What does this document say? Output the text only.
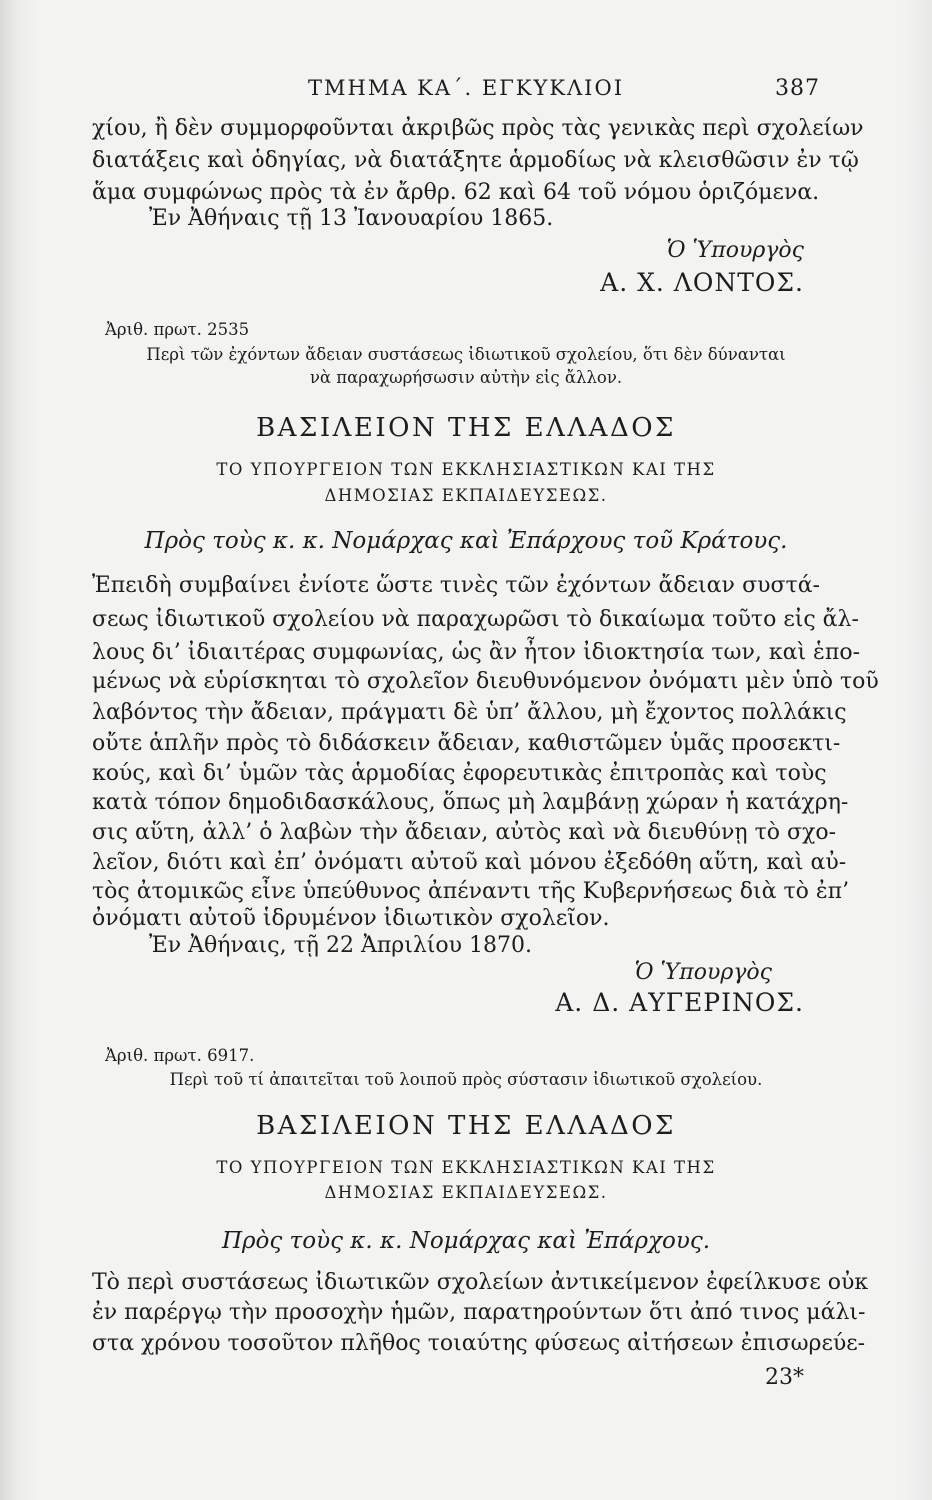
ΤΜΗΜΑ ΚΑ΄. ΕΓΚΥΚΛΙΟΙ	387
χίου, ἢ δὲν συμμορφοῦνται ἀκριβῶς πρὸς τὰς γενικὰς περὶ σχολείων
διατάξεις καὶ ὁδηγίας, νὰ διατάξητε ἁρμοδίως νὰ κλεισθῶσιν ἐν τῷ
ἅμα συμφώνως πρὸς τὰ ἐν ἄρθρ. 62 καὶ 64 τοῦ νόμου ὁριζόμενα.
Ἐν Ἀθήναις τῇ 13 Ἰανουαρίου 1865.
Ὁ Ὑπουργὸς
Α. Χ. ΛΟΝΤΟΣ.
Ἀριθ. πρωτ. 2535
Περὶ τῶν ἐχόντων ἄδειαν συστάσεως ἰδιωτικοῦ σχολείου, ὅτι δὲν δύνανται
νὰ παραχωρήσωσιν αὐτὴν εἰς ἄλλον.
ΒΑΣΙΛΕΙΟΝ ΤΗΣ ΕΛΛΑΔΟΣ
ΤΟ ΥΠΟΥΡΓΕΙΟΝ ΤΩΝ ΕΚΚΛΗΣΙΑΣΤΙΚΩΝ ΚΑΙ ΤΗΣ
ΔΗΜΟΣΙΑΣ ΕΚΠΑΙΔΕΥΣΕΩΣ.
Πρὸς τοὺς κ. κ. Νομάρχας καὶ Ἐπάρχους τοῦ Κράτους.
Ἐπειδὴ συμβαίνει ἐνίοτε ὥστε τινὲς τῶν ἐχόντων ἄδειαν συστά-
σεως ἰδιωτικοῦ σχολείου νὰ παραχωρῶσι τὸ δικαίωμα τοῦτο εἰς ἄλ-
λους δι’ ἰδιαιτέρας συμφωνίας, ὡς ἂν ἦτον ἰδιοκτησία των, καὶ ἑπο-
μένως νὰ εὑρίσκηται τὸ σχολεῖον διευθυνόμενον ὀνόματι μὲν ὑπὸ τοῦ
λαβόντος τὴν ἄδειαν, πράγματι δὲ ὑπ’ ἄλλου, μὴ ἔχοντος πολλάκις
οὔτε ἁπλῆν πρὸς τὸ διδάσκειν ἄδειαν, καθιστῶμεν ὑμᾶς προσεκτι-
κούς, καὶ δι’ ὑμῶν τὰς ἁρμοδίας ἐφορευτικὰς ἐπιτροπὰς καὶ τοὺς
κατὰ τόπον δημοδιδασκάλους, ὅπως μὴ λαμβάνῃ χώραν ἡ κατάχρη-
σις αὕτη, ἀλλ’ ὁ λαβὼν τὴν ἄδειαν, αὐτὸς καὶ νὰ διευθύνῃ τὸ σχο-
λεῖον, διότι καὶ ἐπ’ ὀνόματι αὐτοῦ καὶ μόνου ἐξεδόθη αὕτη, καὶ αὐ-
τὸς ἀτομικῶς εἶνε ὑπεύθυνος ἀπέναντι τῆς Κυβερνήσεως διὰ τὸ ἐπ’
ὀνόματι αὐτοῦ ἱδρυμένον ἰδιωτικὸν σχολεῖον.
Ἐν Ἀθήναις, τῇ 22 Ἀπριλίου 1870.
Ὁ Ὑπουργὸς
Α. Δ. ΑΥΓΕΡΙΝΟΣ.
Ἀριθ. πρωτ. 6917.
Περὶ τοῦ τί ἀπαιτεῖται τοῦ λοιποῦ πρὸς σύστασιν ἰδιωτικοῦ σχολείου.
ΒΑΣΙΛΕΙΟΝ ΤΗΣ ΕΛΛΑΔΟΣ
ΤΟ ΥΠΟΥΡΓΕΙΟΝ ΤΩΝ ΕΚΚΛΗΣΙΑΣΤΙΚΩΝ ΚΑΙ ΤΗΣ
ΔΗΜΟΣΙΑΣ ΕΚΠΑΙΔΕΥΣΕΩΣ.
Πρὸς τοὺς κ. κ. Νομάρχας καὶ Ἐπάρχους.
Τὸ περὶ συστάσεως ἰδιωτικῶν σχολείων ἀντικείμενον ἐφείλκυσε οὐκ
ἐν παρέργῳ τὴν προσοχὴν ἡμῶν, παρατηρούντων ὅτι ἀπό τινος μάλι-
στα χρόνου τοσοῦτον πλῆθος τοιαύτης φύσεως αἰτήσεων ἐπισωρεύε-
23*
